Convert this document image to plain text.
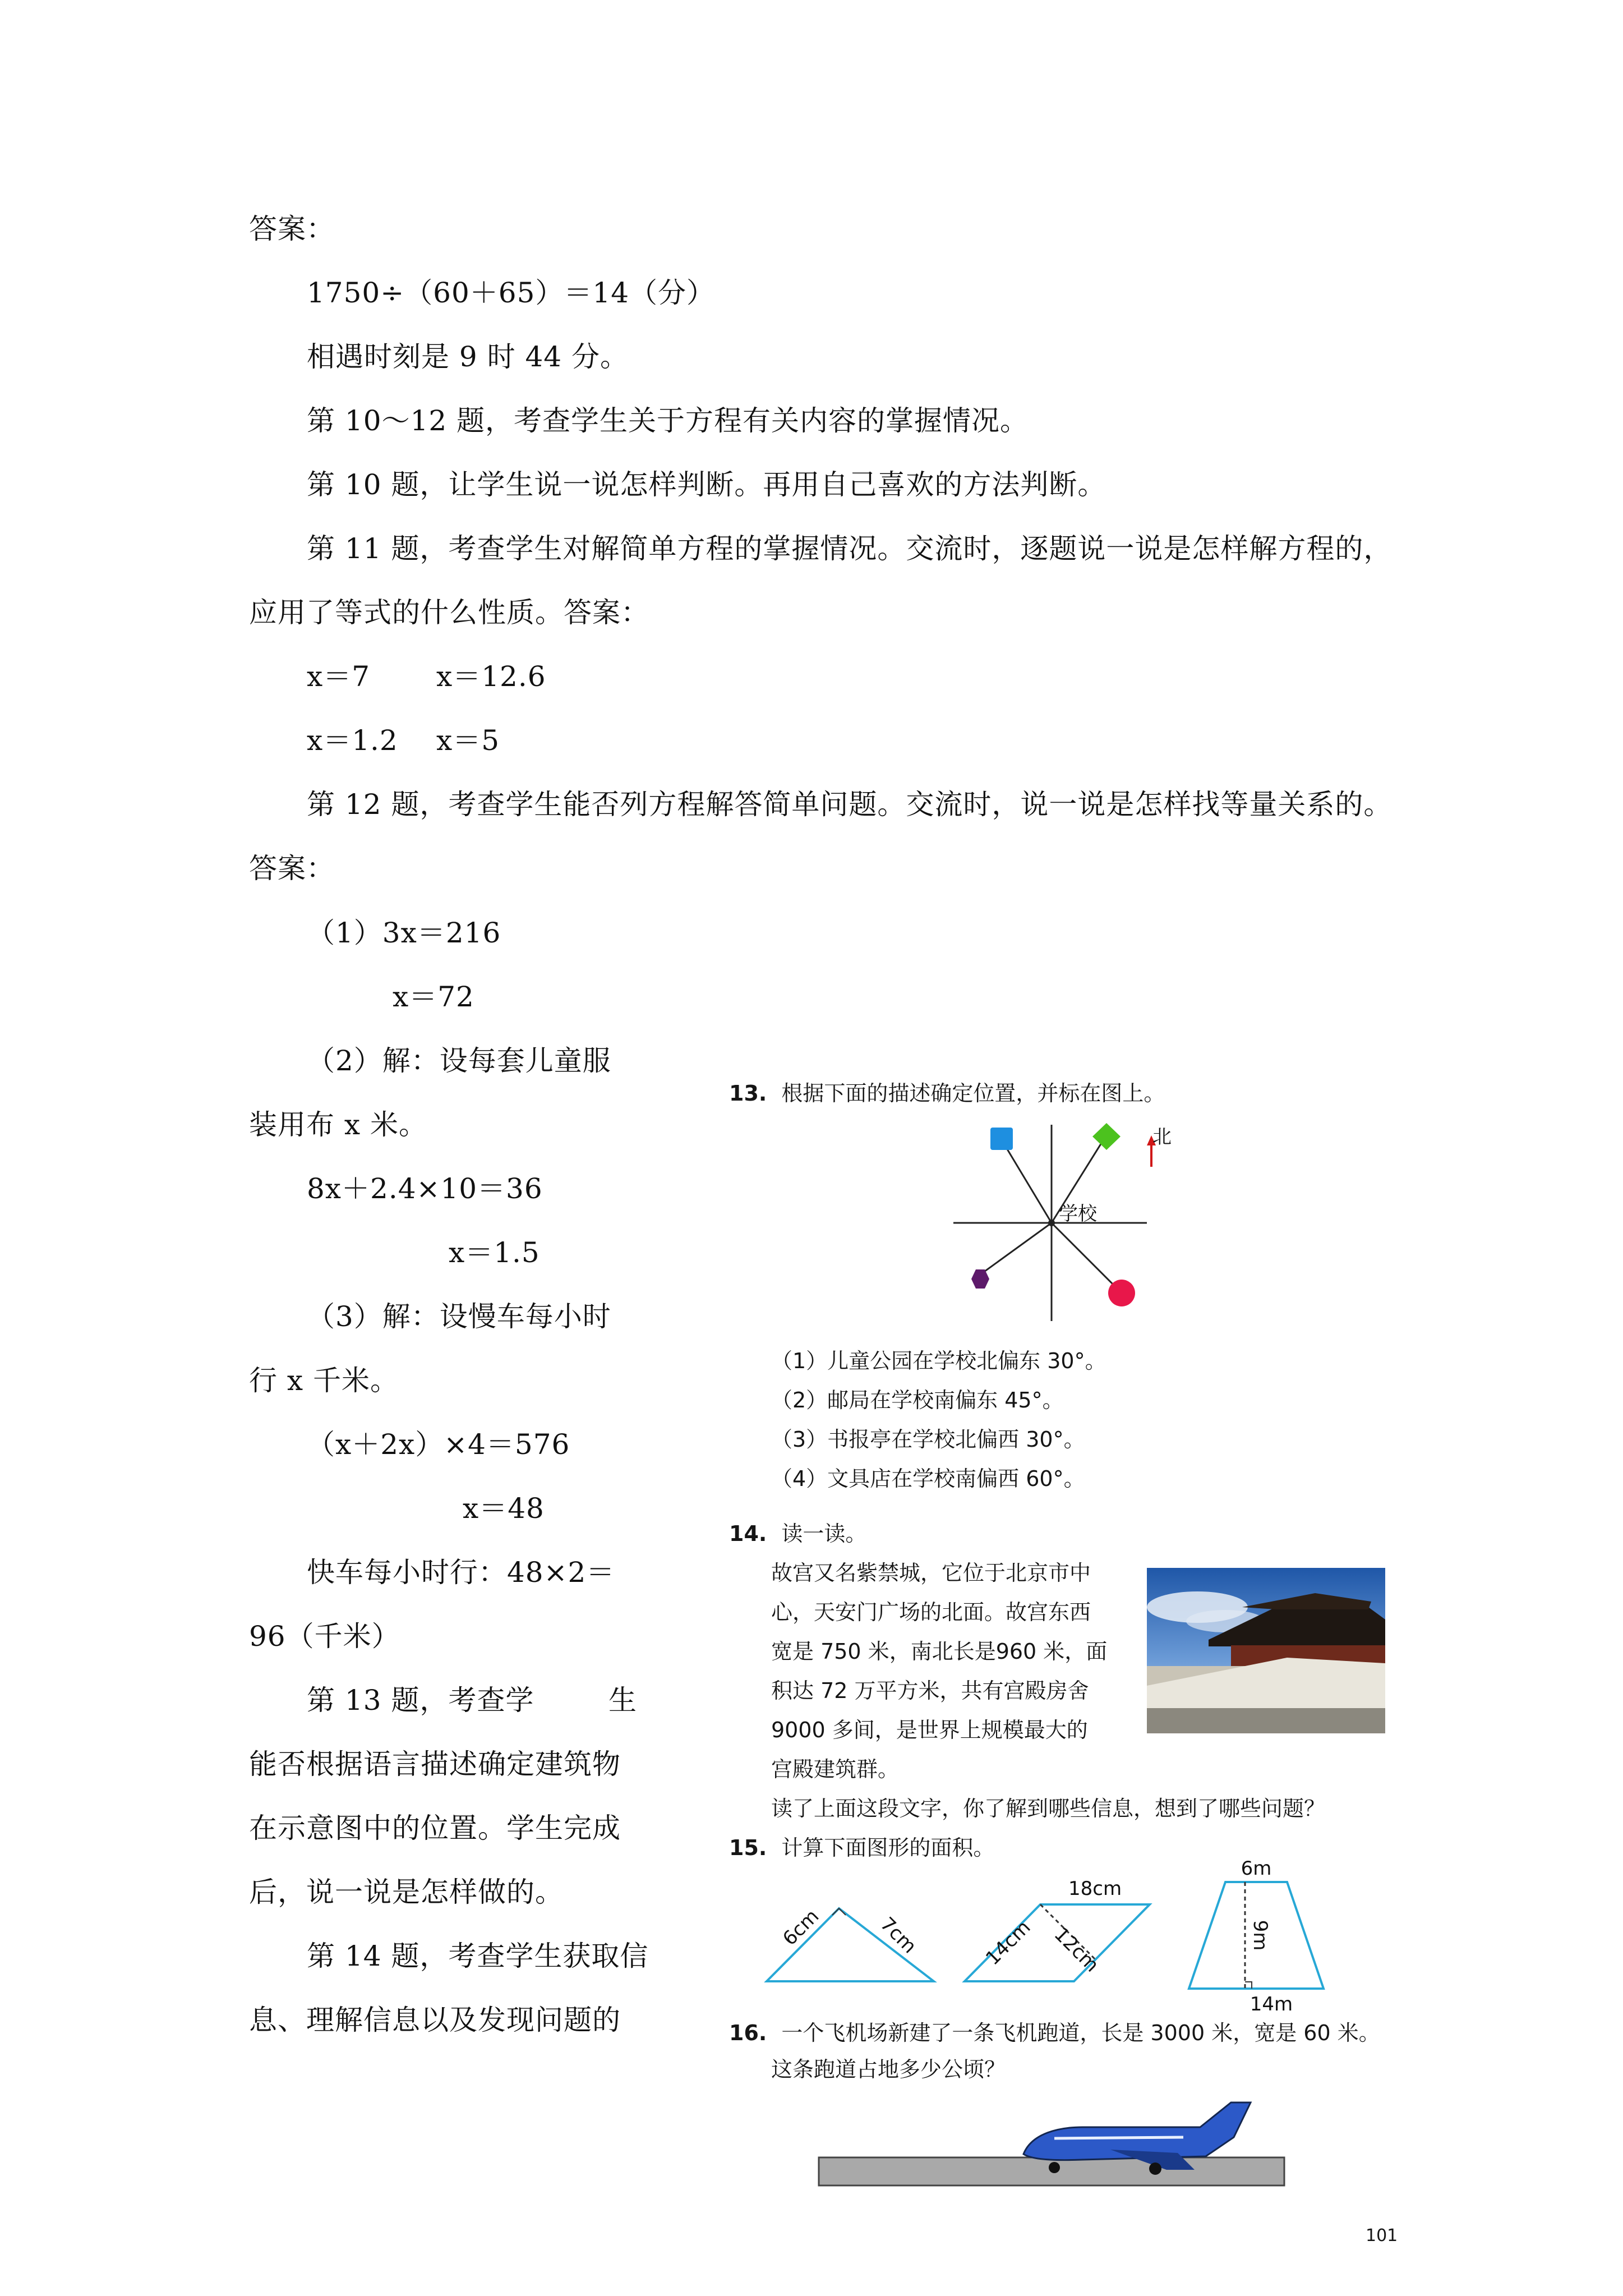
答案：
1750÷（60＋65）＝14（分）
相遇时刻是 9 时 44 分。
第 10～12 题，考查学生关于方程有关内容的掌握情况。
第 10 题，让学生说一说怎样判断。再用自己喜欢的方法判断。
第 11 题，考查学生对解简单方程的掌握情况。交流时，逐题说一说是怎样解方程的，
应用了等式的什么性质。答案：
x＝7 x＝12.6
x＝1.2 x＝5
第 12 题，考查学生能否列方程解答简单问题。交流时，说一说是怎样找等量关系的。
答案：
（1）3x＝216
x＝72
（2）解：设每套儿童服
装用布 x 米。
8x＋2.4×10＝36
x＝1.5
（3）解：设慢车每小时
行 x 千米。
（x＋2x）×4＝576
x＝48
快车每小时行：48×2＝
96（千米）
第 13 题，考查学	生
能否根据语言描述确定建筑物
在示意图中的位置。学生完成
后，说一说是怎样做的。
第 14 题，考查学生获取信
息、理解信息以及发现问题的
13. 根据下面的描述确定位置，并标在图上。
北
学校
（1）儿童公园在学校北偏东 30°。
（2）邮局在学校南偏东 45°。
（3）书报亭在学校北偏西 30°。
（4）文具店在学校南偏西 60°。
14. 读一读。
故宫又名紫禁城，它位于北京市中
心，天安门广场的北面。故宫东西
宽是 750 米，南北长是960 米，面
积达 72 万平方米，共有宫殿房舍
9000 多间，是世界上规模最大的
宫殿建筑群。
读了上面这段文字，你了解到哪些信息，想到了哪些问题？
15. 计算下面图形的面积。
6cm	7cm
18cm
14cm 12cm
6m
9m
14m
16. 一个飞机场新建了一条飞机跑道，长是 3000 米，宽是 60 米。
这条跑道占地多少公顷？
101
